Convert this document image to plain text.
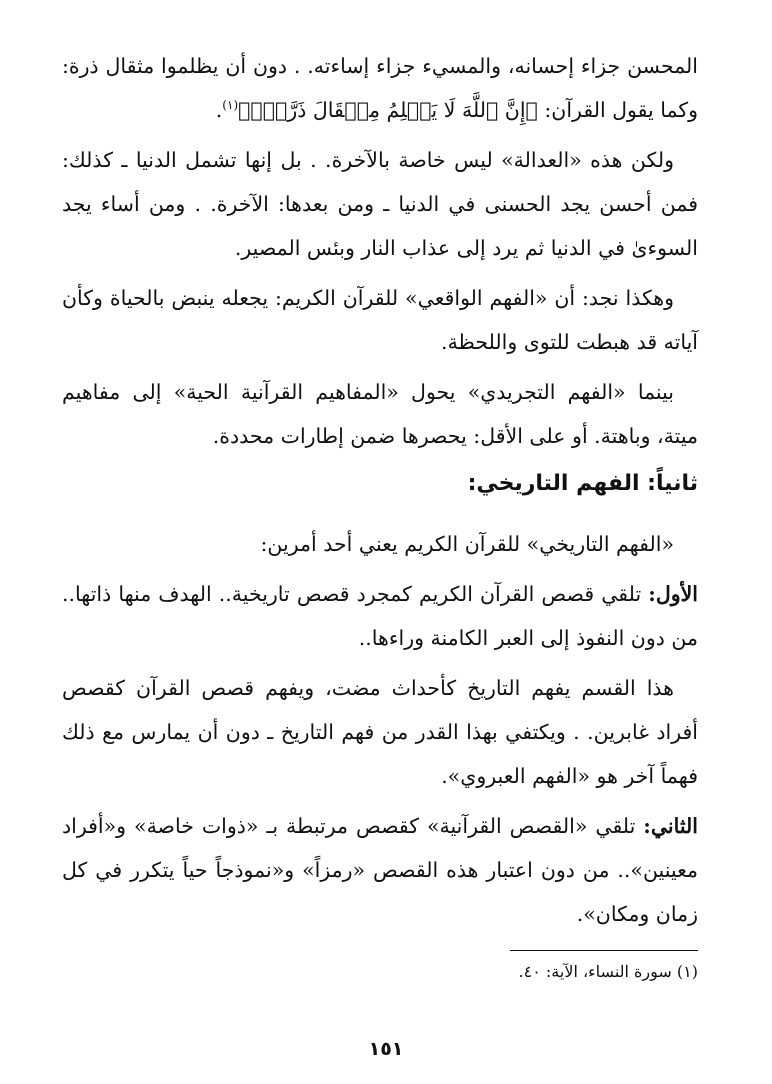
المحسن جزاء إحسانه، والمسيء جزاء إساءته. . دون أن يظلموا مثقال ذرة: وكما يقول القرآن: ﴿إِنَّ ٱللَّهَ لَا يَظۡلِمُ مِثۡقَالَ ذَرَّةٖۖ﴾$^{(١)}$.

ولكن هذه «العدالة» ليس خاصة بالآخرة. . بل إنها تشمل الدنيا ـ كذلك: فمن أحسن يجد الحسنى في الدنيا ـ ومن بعدها: الآخرة. . ومن أساء يجد السوءىٰ في الدنيا ثم يرد إلى عذاب النار وبئس المصير.

وهكذا نجد: أن «الفهم الواقعي» للقرآن الكريم: يجعله ينبض بالحياة وكأن آياته قد هبطت للتوى واللحظة.

بينما «الفهم التجريدي» يحول «المفاهيم القرآنية الحية» إلى مفاهيم ميتة، وباهتة. أو على الأقل: يحصرها ضمن إطارات محددة.

ثانياً: الفهم التاريخي:

«الفهم التاريخي» للقرآن الكريم يعني أحد أمرين:

الأول: تلقي قصص القرآن الكريم كمجرد قصص تاريخية.. الهدف منها ذاتها.. من دون النفوذ إلى العبر الكامنة وراءها..

هذا القسم يفهم التاريخ كأحداث مضت، ويفهم قصص القرآن كقصص أفراد غابرين. . ويكتفي بهذا القدر من فهم التاريخ ـ دون أن يمارس مع ذلك فهماً آخر هو «الفهم العبروي».

الثاني: تلقي «القصص القرآنية» كقصص مرتبطة بـ «ذوات خاصة» و«أفراد معينين».. من دون اعتبار هذه القصص «رمزاً» و«نموذجاً حياً يتكرر في كل زمان ومكان».

(١) سورة النساء، الآية: ٤٠.
١٥١
